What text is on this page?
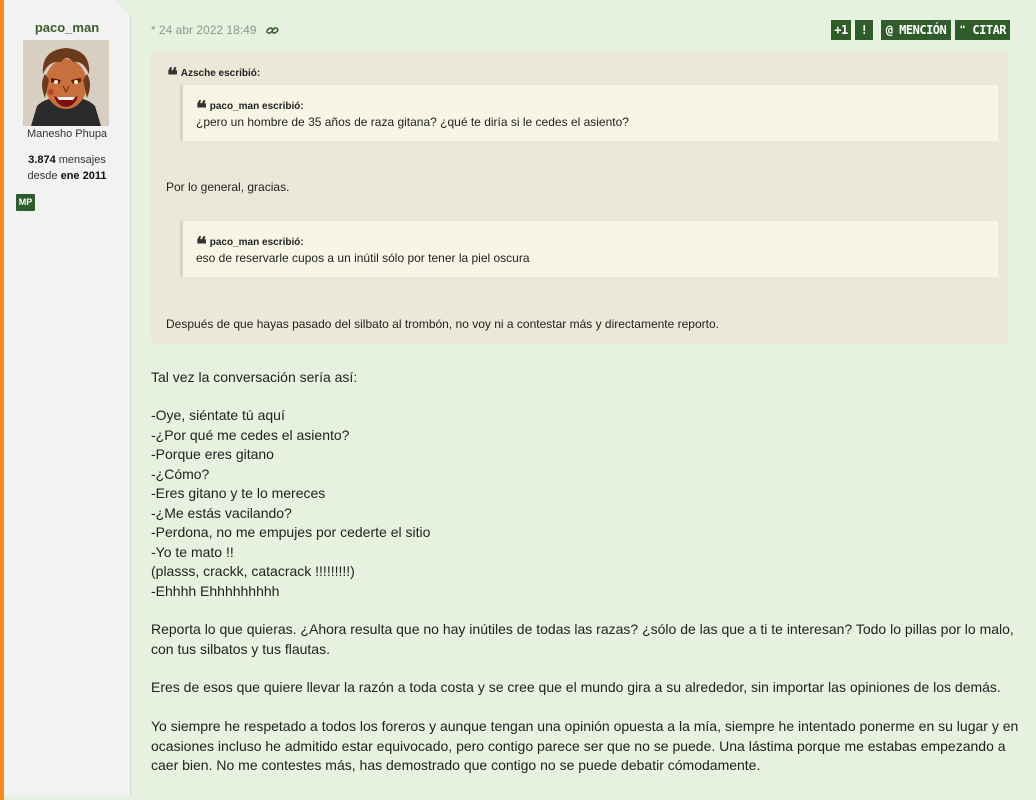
paco_man
Manesho Phupa
3.874 mensajes
desde ene 2011
MP
* 24 abr 2022 18:49	+1	!	@ MENCIÓN	❝ CITAR
❝ Azsche escribió:
❝ paco_man escribió:
¿pero un hombre de 35 años de raza gitana? ¿qué te diría si le cedes el asiento?
Por lo general, gracias.
❝ paco_man escribió:
eso de reservarle cupos a un inútil sólo por tener la piel oscura
Después de que hayas pasado del silbato al trombón, no voy ni a contestar más y directamente reporto.
Tal vez la conversación sería así:
-Oye, siéntate tú aquí
-¿Por qué me cedes el asiento?
-Porque eres gitano
-¿Cómo?
-Eres gitano y te lo mereces
-¿Me estás vacilando?
-Perdona, no me empujes por cederte el sitio
-Yo te mato !!
(plasss, crackk, catacrack !!!!!!!!!)
-Ehhhh Ehhhhhhhhh
Reporta lo que quieras. ¿Ahora resulta que no hay inútiles de todas las razas? ¿sólo de las que a ti te interesan? Todo lo pillas por lo malo,
con tus silbatos y tus flautas.
Eres de esos que quiere llevar la razón a toda costa y se cree que el mundo gira a su alrededor, sin importar las opiniones de los demás.
Yo siempre he respetado a todos los foreros y aunque tengan una opinión opuesta a la mía, siempre he intentado ponerme en su lugar y en
ocasiones incluso he admitido estar equivocado, pero contigo parece ser que no se puede. Una lástima porque me estabas empezando a
caer bien. No me contestes más, has demostrado que contigo no se puede debatir cómodamente.
